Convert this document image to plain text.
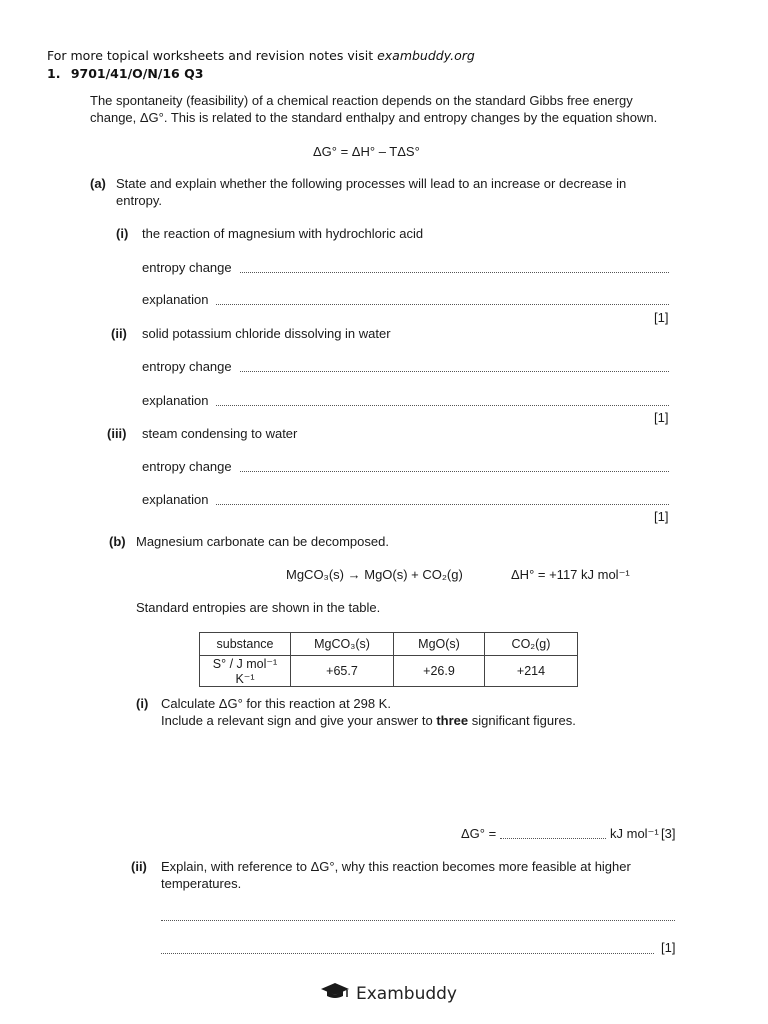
For more topical worksheets and revision notes visit exambuddy.org
1. 9701/41/O/N/16 Q3
The spontaneity (feasibility) of a chemical reaction depends on the standard Gibbs free energy
change, ΔG°. This is related to the standard enthalpy and entropy changes by the equation shown.
ΔG° = ΔH° – TΔS°
(a) State and explain whether the following processes will lead to an increase or decrease in
entropy.
(i) the reaction of magnesium with hydrochloric acid
entropy change
explanation
[1]
(ii) solid potassium chloride dissolving in water
entropy change
explanation
[1]
(iii) steam condensing to water
entropy change
explanation
[1]
(b) Magnesium carbonate can be decomposed.
MgCO₃(s) → MgO(s) + CO₂(g)	ΔH° = +117 kJ mol⁻¹
Standard entropies are shown in the table.
substance	MgCO₃(s)	MgO(s)	CO₂(g)
S° / J mol⁻¹ K⁻¹	+65.7	+26.9	+214
(i) Calculate ΔG° for this reaction at 298 K.
Include a relevant sign and give your answer to three significant figures.
ΔG° =	kJ mol⁻¹ [3]
(ii) Explain, with reference to ΔG°, why this reaction becomes more feasible at higher
temperatures.
[1]
Exambuddy
